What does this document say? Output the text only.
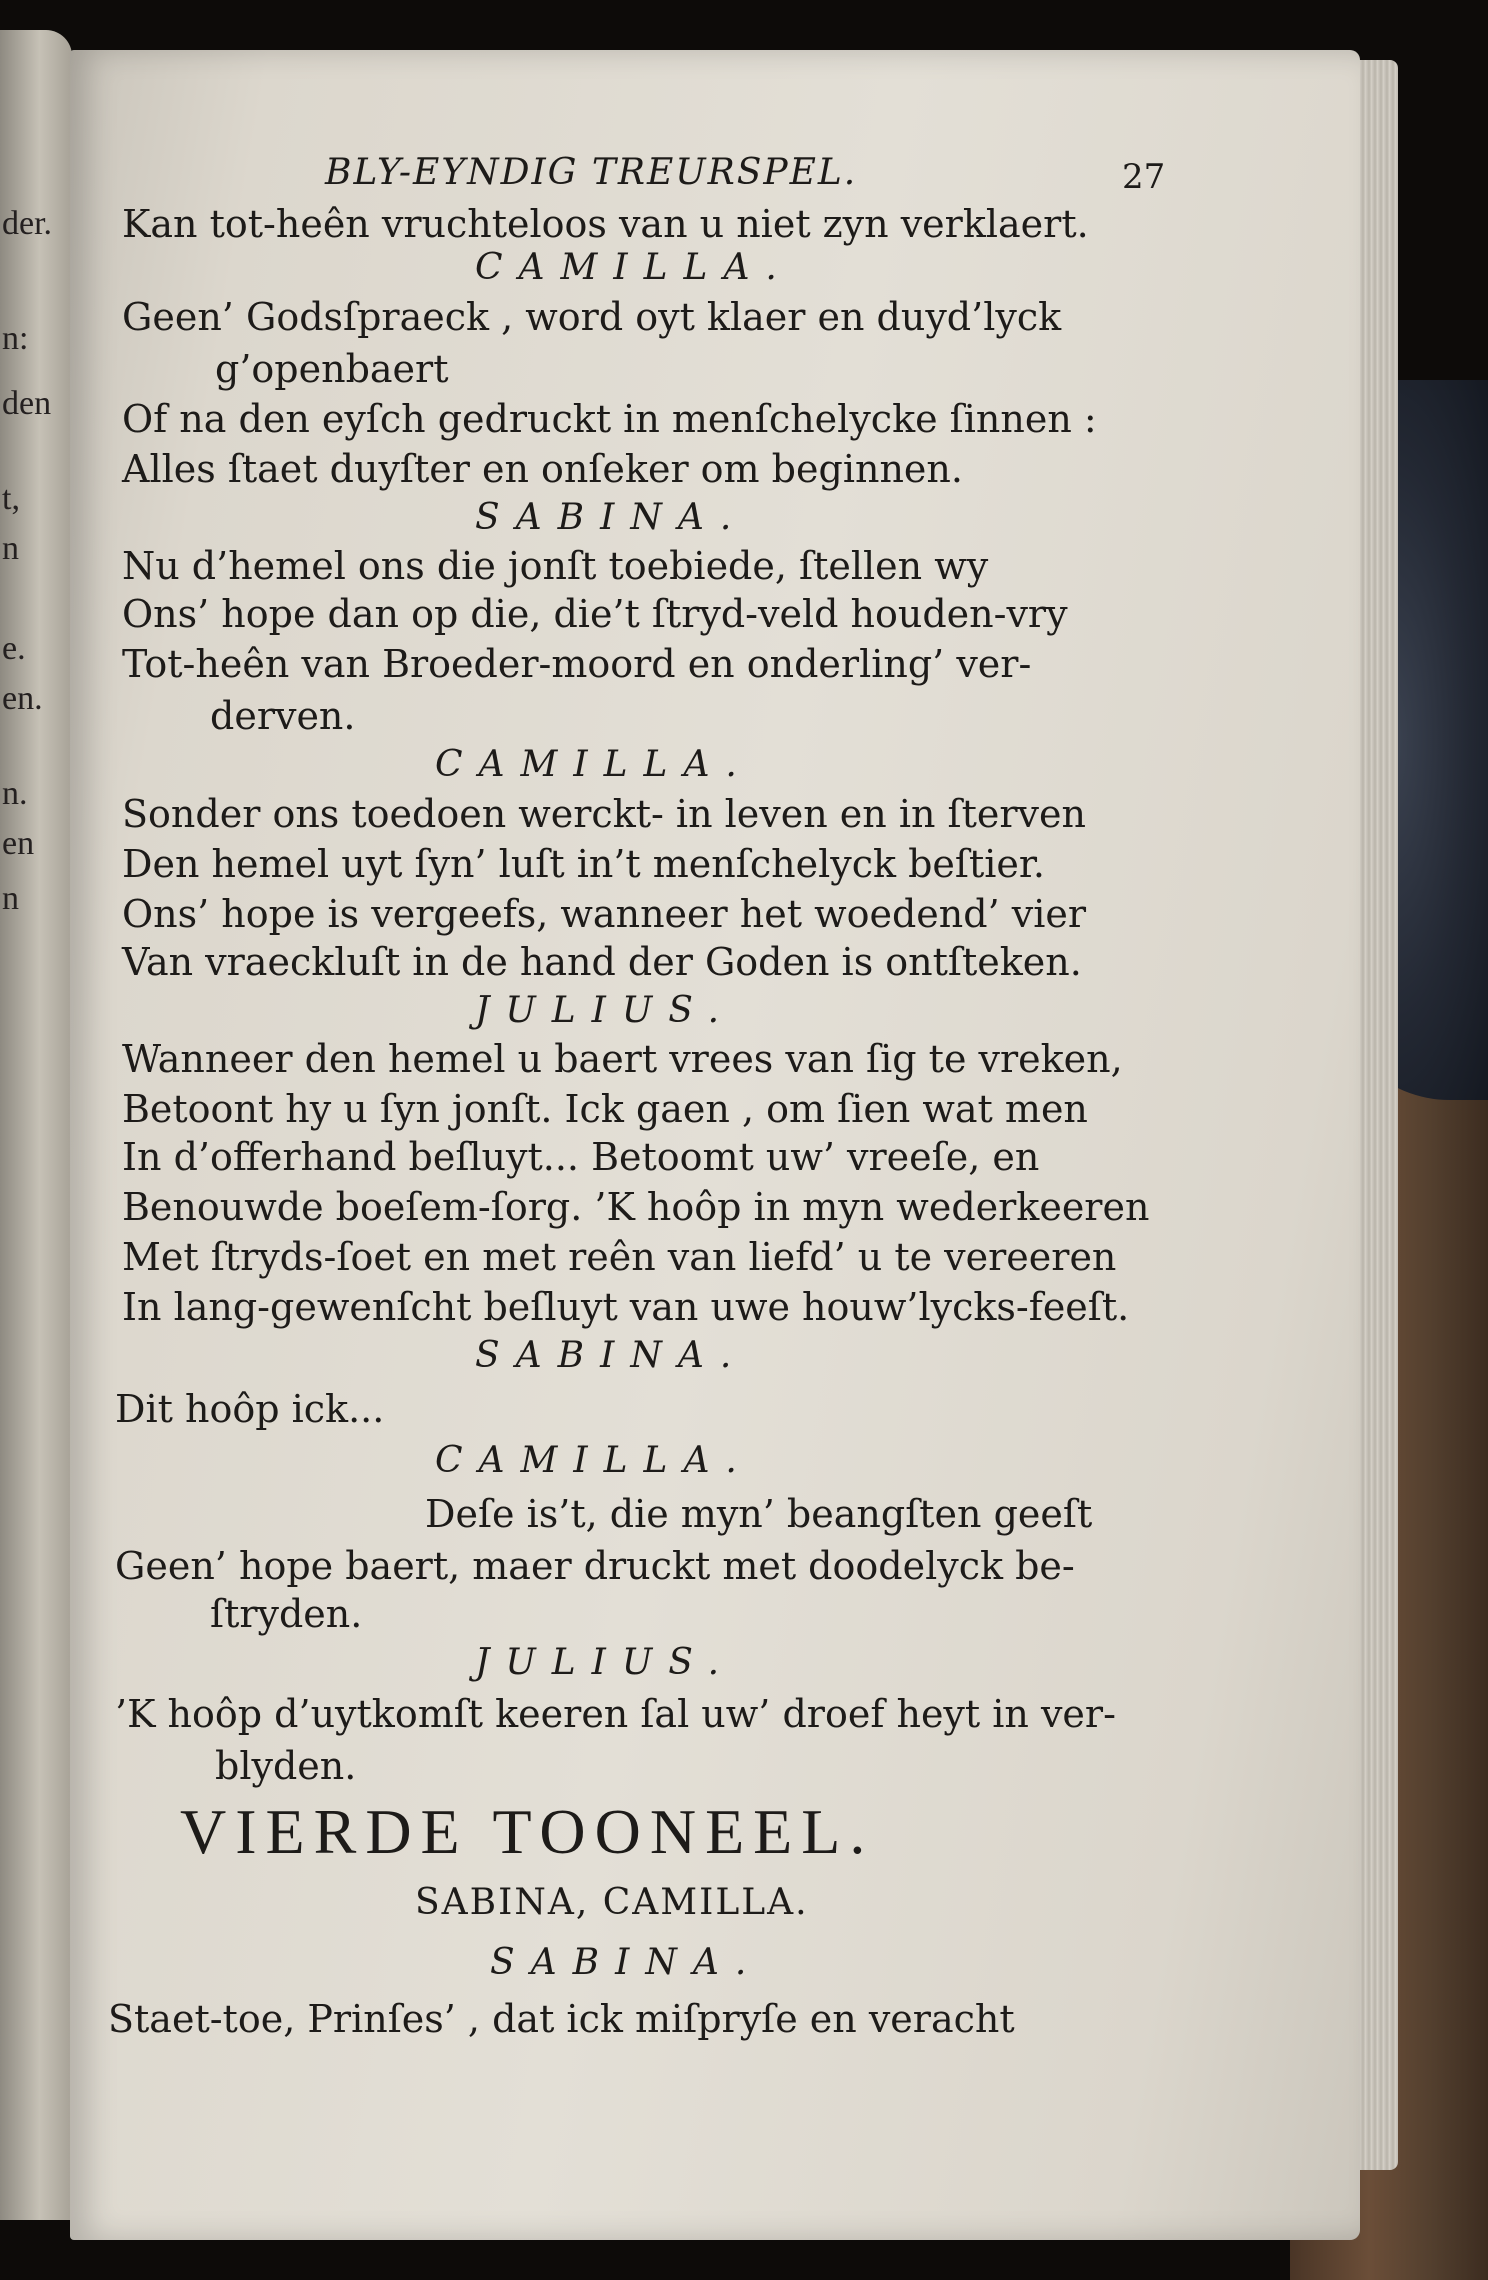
der.
n:
den
t,
n
e.
en.
n.
en
n
BLY-EYNDIG TREURSPEL.	27
Kan tot-heên vruchteloos van u niet zyn verklaert.
CAMILLA.
Geen’ Godsſpraeck , word oyt klaer en duyd’lyck
g’openbaert
Of na den eyſch gedruckt in menſchelycke ſinnen :
Alles ſtaet duyſter en onſeker om beginnen.
SABINA.
Nu d’hemel ons die jonſt toebiede, ſtellen wy
Ons’ hope dan op die, die’t ſtryd-veld houden-vry
Tot-heên van Broeder-moord en onderling’ ver-
derven.
CAMILLA.
Sonder ons toedoen werckt- in leven en in ſterven
Den hemel uyt ſyn’ luſt in’t menſchelyck beſtier.
Ons’ hope is vergeefs, wanneer het woedend’ vier
Van vraeckluſt in de hand der Goden is ontſteken.
JULIUS.
Wanneer den hemel u baert vrees van ſig te vreken,
Betoont hy u ſyn jonſt. Ick gaen , om ſien wat men
In d’offerhand beſluyt... Betoomt uw’ vreeſe, en
Benouwde boeſem-ſorg. ’K hoôp in myn wederkeeren
Met ſtryds-ſoet en met reên van liefd’ u te vereeren
In lang-gewenſcht beſluyt van uwe houw’lycks-feeſt.
SABINA.
Dit hoôp ick...
CAMILLA.
Deſe is’t, die myn’ beangſten geeſt
Geen’ hope baert, maer druckt met doodelyck be-
ſtryden.
JULIUS.
’K hoôp d’uytkomſt keeren ſal uw’ droef heyt in ver-
blyden.
VIERDE TOONEEL.
SABINA, CAMILLA.
SABINA.
Staet-toe, Prinſes’ , dat ick miſpryſe en veracht
